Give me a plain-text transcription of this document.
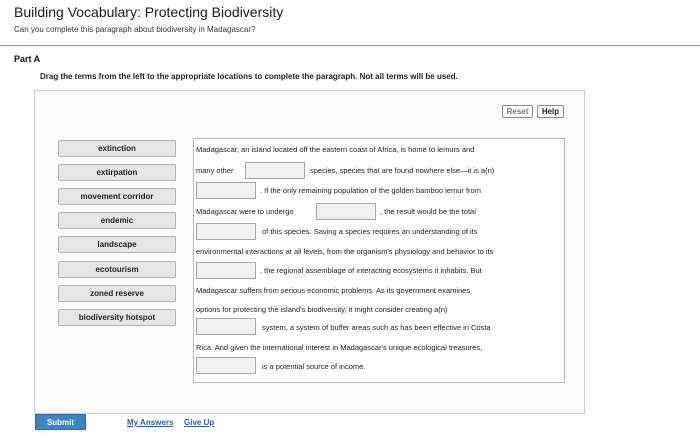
Building Vocabulary: Protecting Biodiversity
Can you complete this paragraph about biodiversity in Madagascar?
Part A
Drag the terms from the left to the appropriate locations to complete the paragraph. Not all terms will be used.
Reset	Help
extinction
extirpation
movement corridor
endemic
landscape
ecotourism
zoned reserve
biodiversity hotspot
Madagascar, an island located off the eastern coast of Africa, is home to lemurs and
many other	species, species that are found nowhere else—it is a(n)
. If the only remaining population of the golden bamboo lemur from
Madagascar were to undergo	, the result would be the total
of this species. Saving a species requires an understanding of its
environmental interactions at all levels, from the organism's physiology and behavior to its
, the regional assemblage of interacting ecosystems it inhabits. But
Madagascar suffers from serious economic problems. As its government examines
options for protecting the island's biodiversity, it might consider creating a(n)
system, a system of buffer areas such as has been effective in Costa
Rica. And given the international interest in Madagascar's unique ecological treasures,
is a potential source of income.
Submit	My Answers Give Up
